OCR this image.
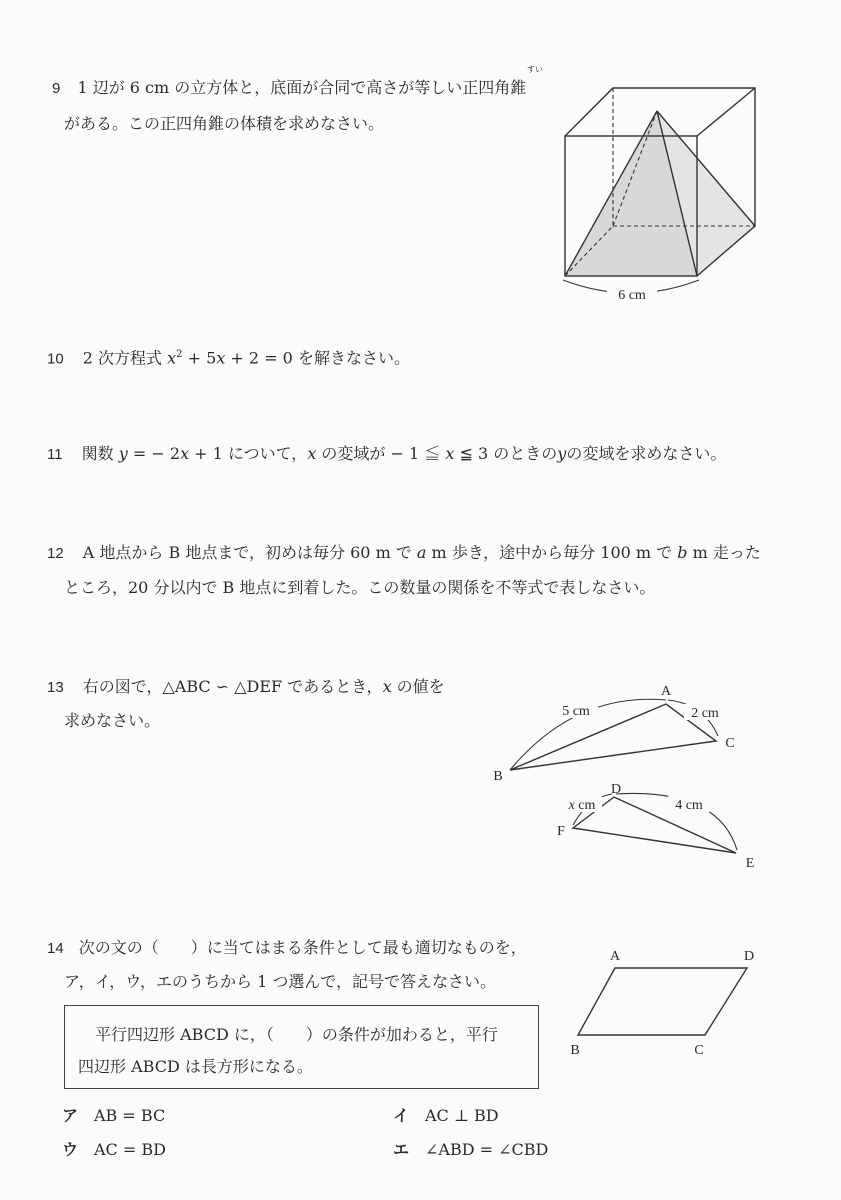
9 1 辺が 6 cm の立方体と，底面が合同で高さが等しい正四角錐
すい
がある。この正四角錐の体積を求めなさい。
6 cm
10 2 次方程式 $x^2 + 5x + 2 = 0$ を解きなさい。
11 関数 y = − 2x + 1 について，x の変域が − 1 ≦ x ≦ 3 のときのyの変域を求めなさい。
12 A 地点から B 地点まで，初めは毎分 60 m で a m 歩き，途中から毎分 100 m で b m 走った
ところ，20 分以内で B 地点に到着した。この数量の関係を不等式で表しなさい。
13 右の図で，△ABC ∽ △DEF であるとき，x の値を
求めなさい。	5 cm	2 cm
A
B
C
x cm	4 cm
D
E
F
14 次の文の（　　）に当てはまる条件として最も適切なものを，
ア，イ，ウ，エのうちから 1 つ選んで，記号で答えなさい。
平行四辺形 ABCD に，（　　）の条件が加わると，平行
四辺形 ABCD は長方形になる。
A	D
B	C
ア AB = BC	イ AC ⊥ BD
ウ AC = BD	エ ∠ABD = ∠CBD
